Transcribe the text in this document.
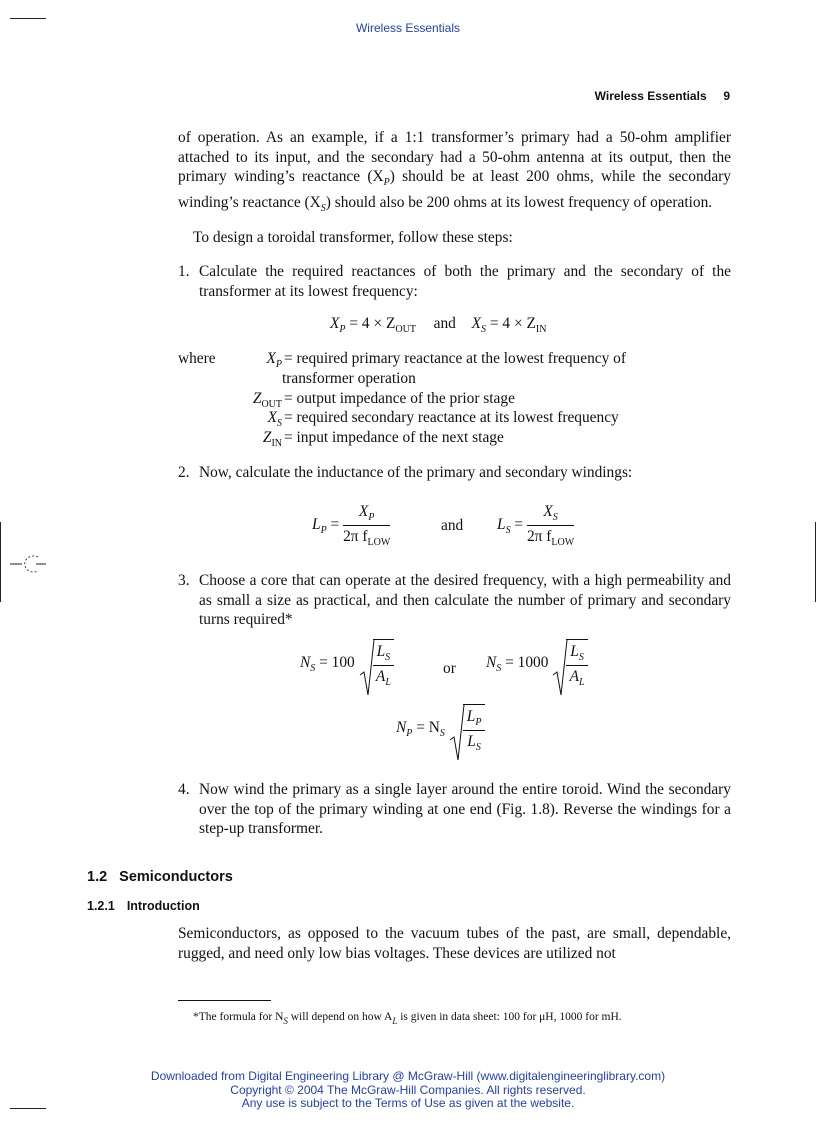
Wireless Essentials
Wireless Essentials 9
of operation. As an example, if a 1:1 transformer’s primary had a 50-ohm amplifier attached to its input, and the secondary had a 50-ohm antenna at its output, then the primary winding’s reactance $(X_P)$ should be at least 200 ohms, while the secondary winding’s reactance $(X_S)$ should also be 200 ohms at its lowest frequency of operation.
To design a toroidal transformer, follow these steps:
1. Calculate the required reactances of both the primary and the secondary of the transformer at its lowest frequency:
$X_P = 4 \times Z_{OUT}$ and $X_S = 4 \times Z_{IN}$
where	$X_P$ = required primary reactance at the lowest frequency of
transformer operation
$Z_{OUT}$ = output impedance of the prior stage
$X_S$ = required secondary reactance at its lowest frequency
$Z_{IN}$ = input impedance of the next stage
2. Now, calculate the inductance of the primary and secondary windings:
$L_P = \frac{X_P}{2\pi f_{LOW}}$	and $L_S = \frac{X_S}{2\pi f_{LOW}}$
3. Choose a core that can operate at the desired frequency, with a high permeability and as small a size as practical, and then calculate the number of primary and secondary turns required*
$N_S = 100 \frac{L_S}{A_L}$	or $N_S = 1000 \frac{L_S}{A_L}$
$N_P = N_S \frac{L_P}{L_S}$
4. Now wind the primary as a single layer around the entire toroid. Wind the secondary over the top of the primary winding at one end (Fig. 1.8). Reverse the windings for a step-up transformer.
1.2 Semiconductors
1.2.1 Introduction
Semiconductors, as opposed to the vacuum tubes of the past, are small, dependable, rugged, and need only low bias voltages. These devices are utilized not
*The formula for $N_S$ will depend on how $A_L$ is given in data sheet: 100 for μH, 1000 for mH.
Downloaded from Digital Engineering Library @ McGraw-Hill (www.digitalengineeringlibrary.com)
Copyright © 2004 The McGraw-Hill Companies. All rights reserved.
Any use is subject to the Terms of Use as given at the website.
